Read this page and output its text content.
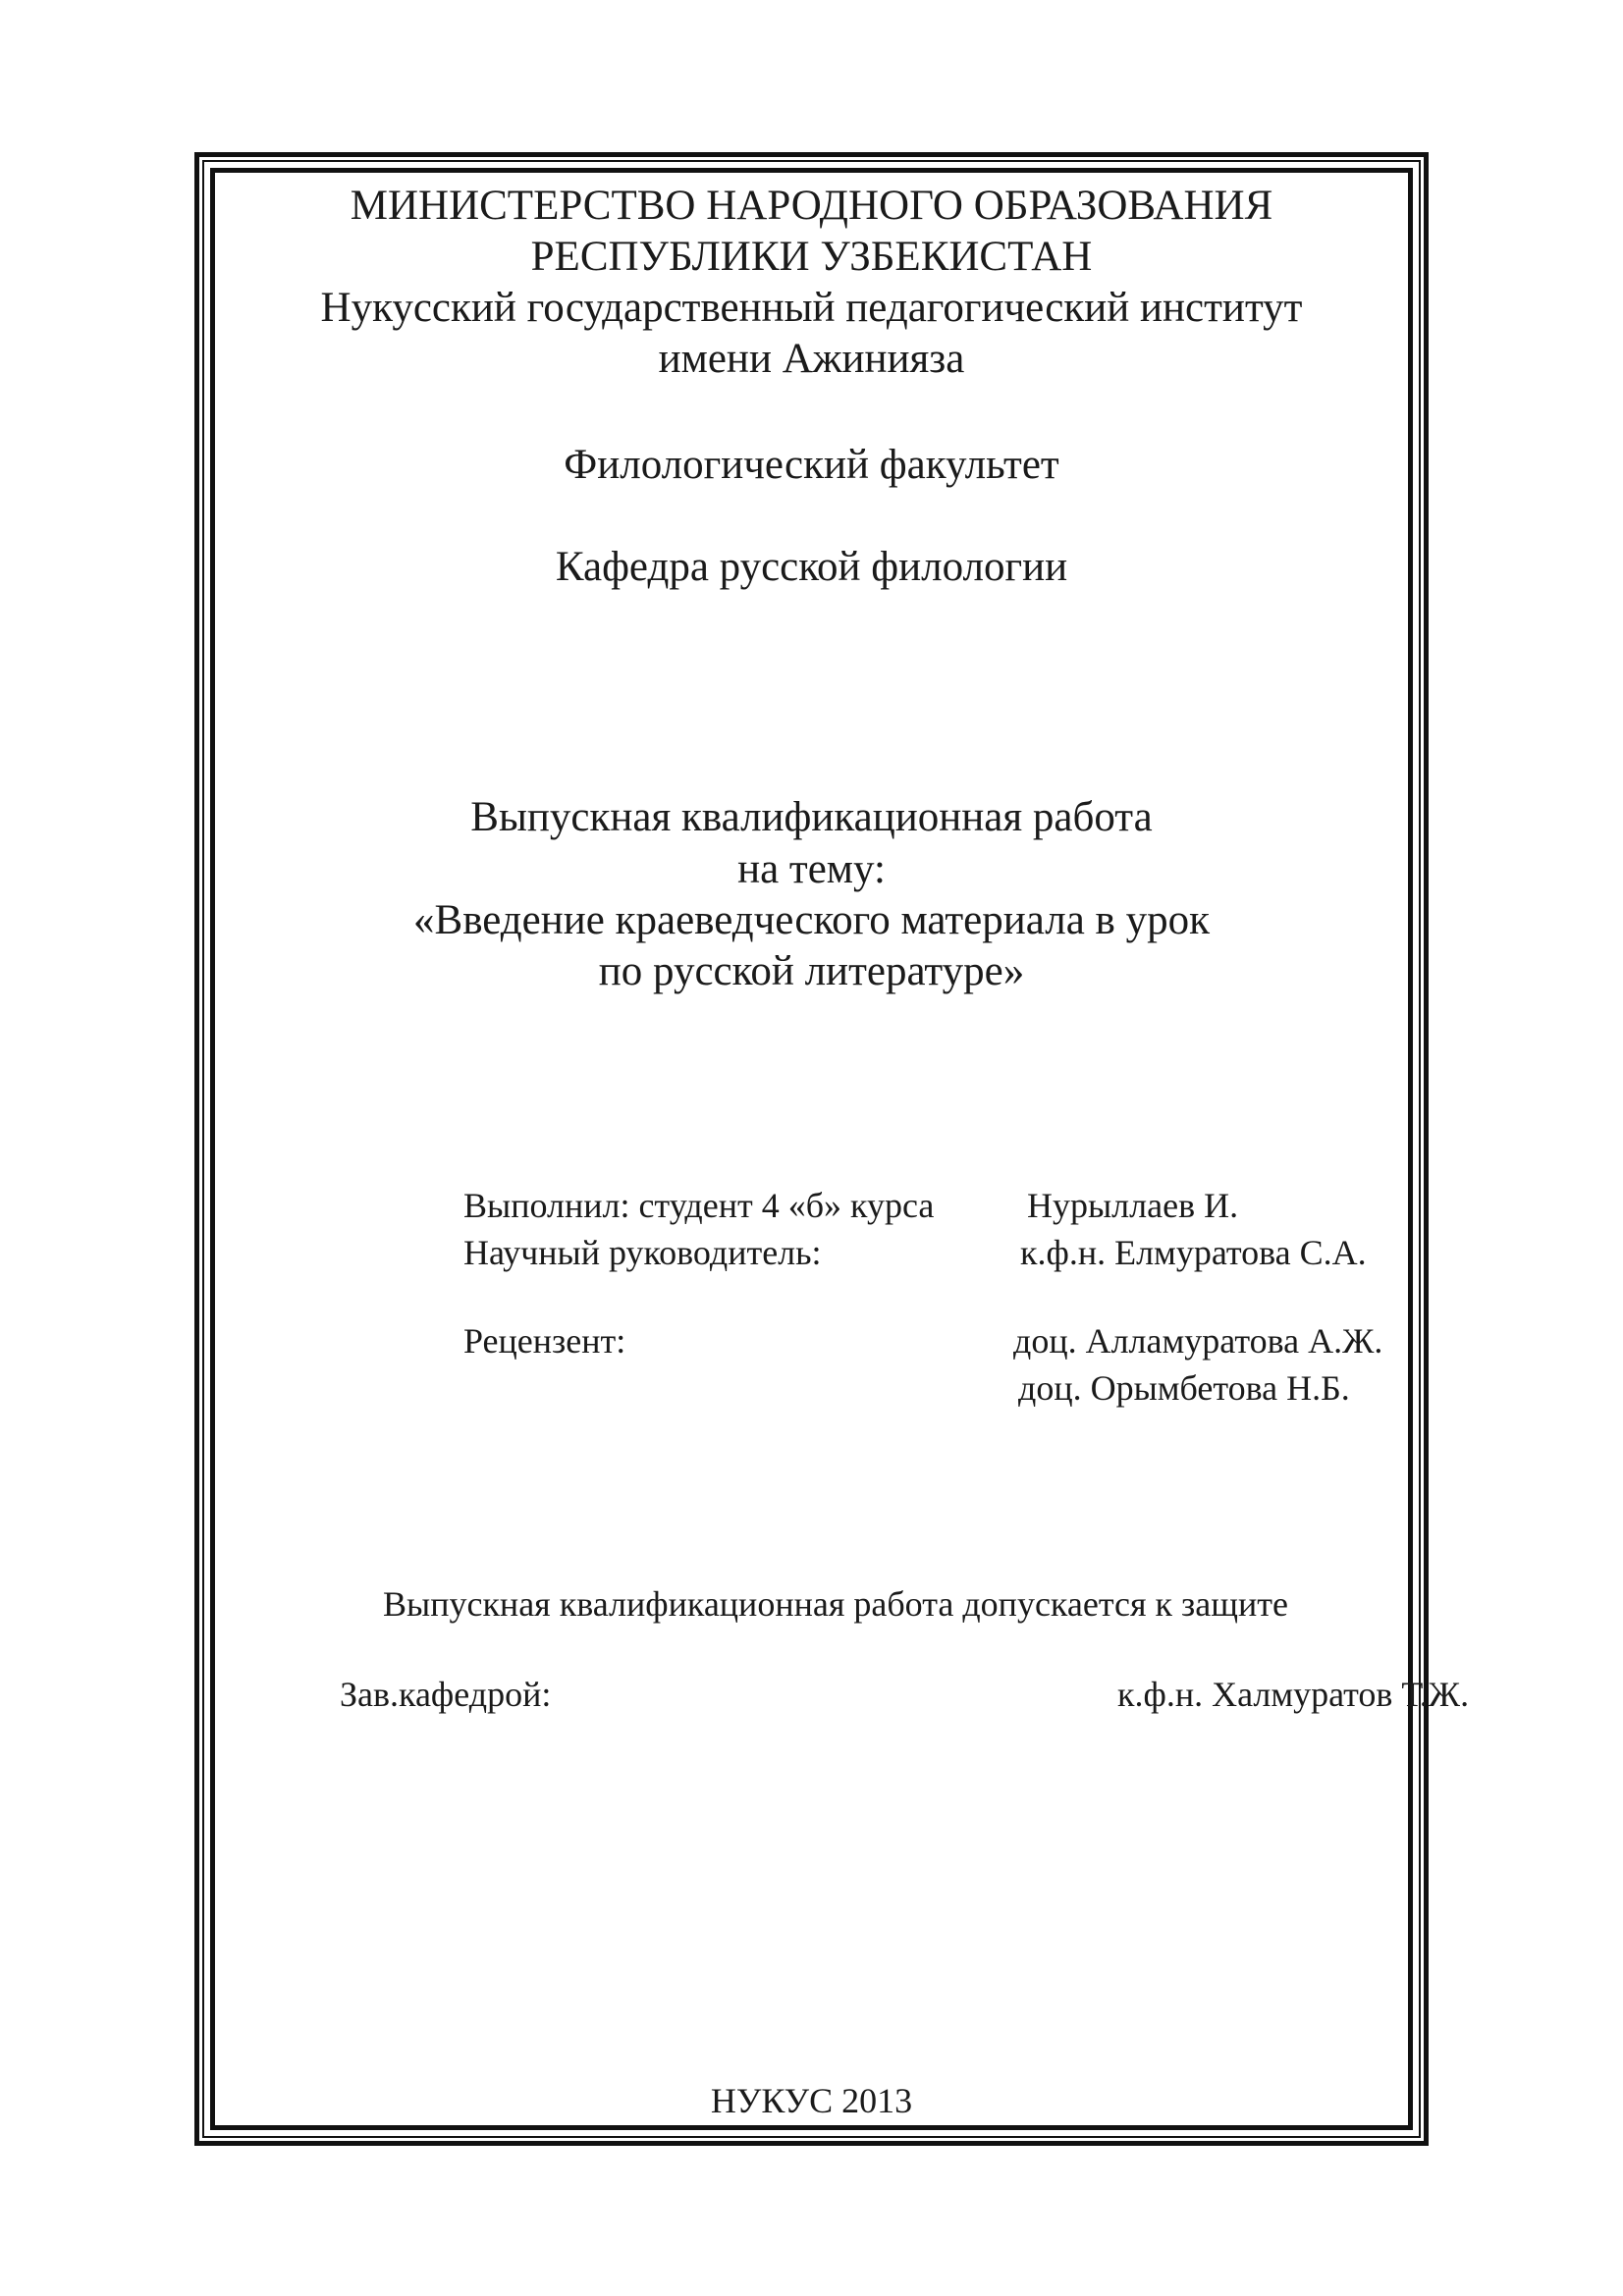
МИНИСТЕРСТВО НАРОДНОГО ОБРАЗОВАНИЯ
РЕСПУБЛИКИ УЗБЕКИСТАН
Нукусский государственный педагогический институт
имени Ажинияза
Филологический факультет
Кафедра русской филологии
Выпускная квалификационная работа
на тему:
«Введение краеведческого материала в урок
по русской литературе»
Выполнил: студент 4 «б» курса	Нурыллаев И.
Научный руководитель:	к.ф.н. Елмуратова С.А.
Рецензент:	доц. Алламуратова А.Ж.
доц. Орымбетова Н.Б.
Выпускная квалификационная работа допускается к защите
Зав.кафедрой:	к.ф.н. Халмуратов Т.Ж.
НУКУС 2013
